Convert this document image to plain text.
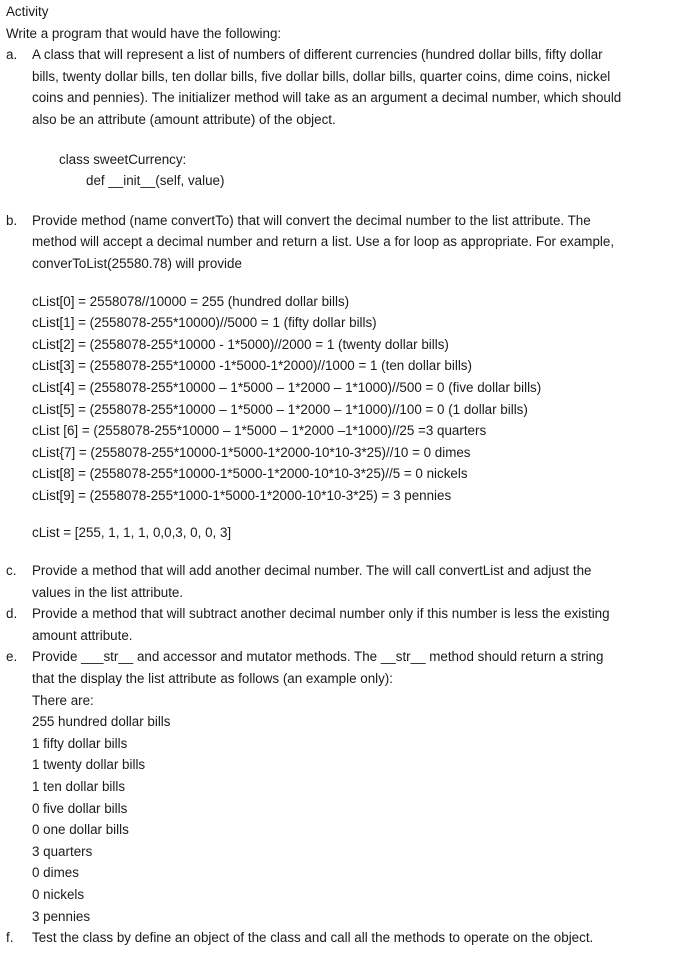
Activity
Write a program that would have the following:
a. A class that will represent a list of numbers of different currencies (hundred dollar bills, fifty dollar
bills, twenty dollar bills, ten dollar bills, five dollar bills, dollar bills, quarter coins, dime coins, nickel
coins and pennies). The initializer method will take as an argument a decimal number, which should
also be an attribute (amount attribute) of the object.
class sweetCurrency:
def __init__(self, value)
b. Provide method (name convertTo) that will convert the decimal number to the list attribute. The
method will accept a decimal number and return a list. Use a for loop as appropriate. For example,
converToList(25580.78) will provide
cList[0] = 2558078//10000 = 255 (hundred dollar bills)
cList[1] = (2558078-255*10000)//5000 = 1 (fifty dollar bills)
cList[2] = (2558078-255*10000 - 1*5000)//2000 = 1 (twenty dollar bills)
cList[3] = (2558078-255*10000 -1*5000-1*2000)//1000 = 1 (ten dollar bills)
cList[4] = (2558078-255*10000 – 1*5000 – 1*2000 – 1*1000)//500 = 0 (five dollar bills)
cList[5] = (2558078-255*10000 – 1*5000 – 1*2000 – 1*1000)//100 = 0 (1 dollar bills)
cList [6] = (2558078-255*10000 – 1*5000 – 1*2000 –1*1000)//25 =3 quarters
cList{7] = (2558078-255*10000-1*5000-1*2000-10*10-3*25)//10 = 0 dimes
cList[8] = (2558078-255*10000-1*5000-1*2000-10*10-3*25)//5 = 0 nickels
cList[9] = (2558078-255*1000-1*5000-1*2000-10*10-3*25) = 3 pennies
cList = [255, 1, 1, 1, 0,0,3, 0, 0, 3]
c. Provide a method that will add another decimal number. The will call convertList and adjust the
values in the list attribute.
d. Provide a method that will subtract another decimal number only if this number is less the existing
amount attribute.
e. Provide ___str__ and accessor and mutator methods. The __str__ method should return a string
that the display the list attribute as follows (an example only):
There are:
255 hundred dollar bills
1 fifty dollar bills
1 twenty dollar bills
1 ten dollar bills
0 five dollar bills
0 one dollar bills
3 quarters
0 dimes
0 nickels
3 pennies
f. Test the class by define an object of the class and call all the methods to operate on the object.
